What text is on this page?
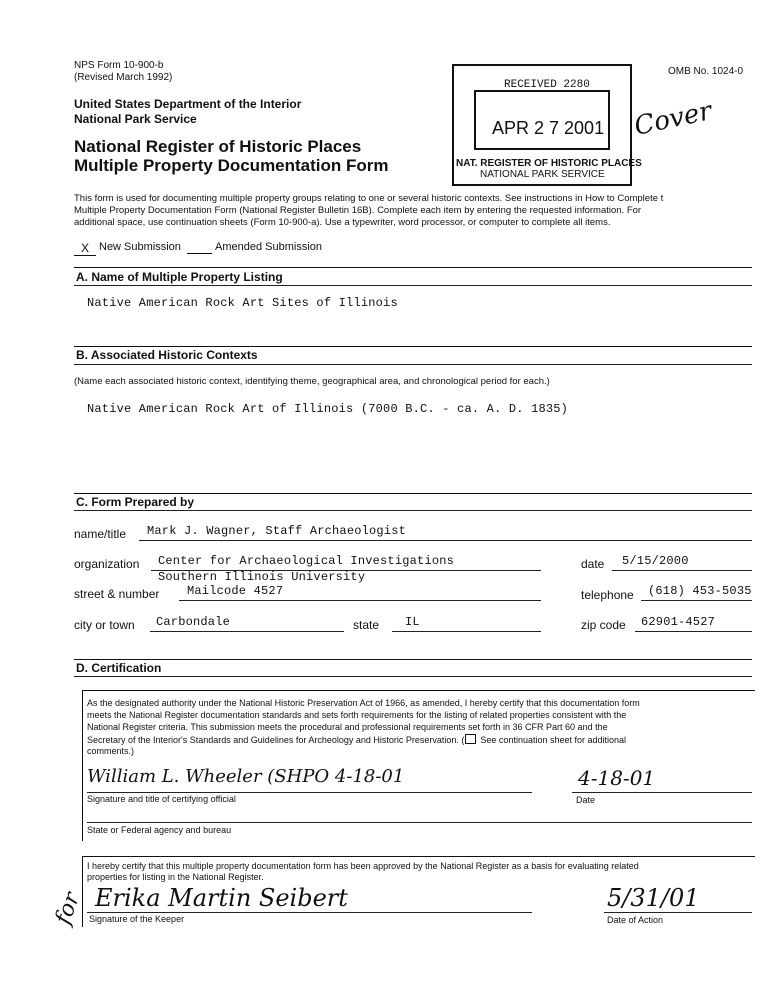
NPS Form 10-900-b
(Revised March 1992)
OMB No. 1024-0
United States Department of the Interior
National Park Service
National Register of Historic Places
Multiple Property Documentation Form
Cover
RECEIVED 2280
APR 2 7 2001
NAT. REGISTER OF HISTORIC PLACES
NATIONAL PARK SERVICE
This form is used for documenting multiple property groups relating to one or several historic contexts. See instructions in How to Complete t
Multiple Property Documentation Form (National Register Bulletin 16B). Complete each item by entering the requested information. For
additional space, use continuation sheets (Form 10-900-a). Use a typewriter, word processor, or computer to complete all items.
X New Submission	Amended Submission
A. Name of Multiple Property Listing
Native American Rock Art Sites of Illinois
B. Associated Historic Contexts
(Name each associated historic context, identifying theme, geographical area, and chronological period for each.)
Native American Rock Art of Illinois (7000 B.C. - ca. A. D. 1835)
C. Form Prepared by
name/title Mark J. Wagner, Staff Archaeologist
organization Center for Archaeological Investigations
Southern Illinois University
date 5/15/2000
street & number Mailcode 4527	telephone (618) 453-5035
city or town Carbondale	state IL	zip code 62901-4527
D. Certification
As the designated authority under the National Historic Preservation Act of 1966, as amended, I hereby certify that this documentation form
meets the National Register documentation standards and sets forth requirements for the listing of related properties consistent with the
National Register criteria. This submission meets the procedural and professional requirements set forth in 36 CFR Part 60 and the
Secretary of the Interior's Standards and Guidelines for Archeology and Historic Preservation. ( See continuation sheet for additional
comments.)
William L. Wheeler (SHPO 4-18-01	4-18-01
Signature and title of certifying official	Date
State or Federal agency and bureau
I hereby certify that this multiple property documentation form has been approved by the National Register as a basis for evaluating related
properties for listing in the National Register.
for Erika Martin Seibert	5/31/01
Signature of the Keeper	Date of Action
